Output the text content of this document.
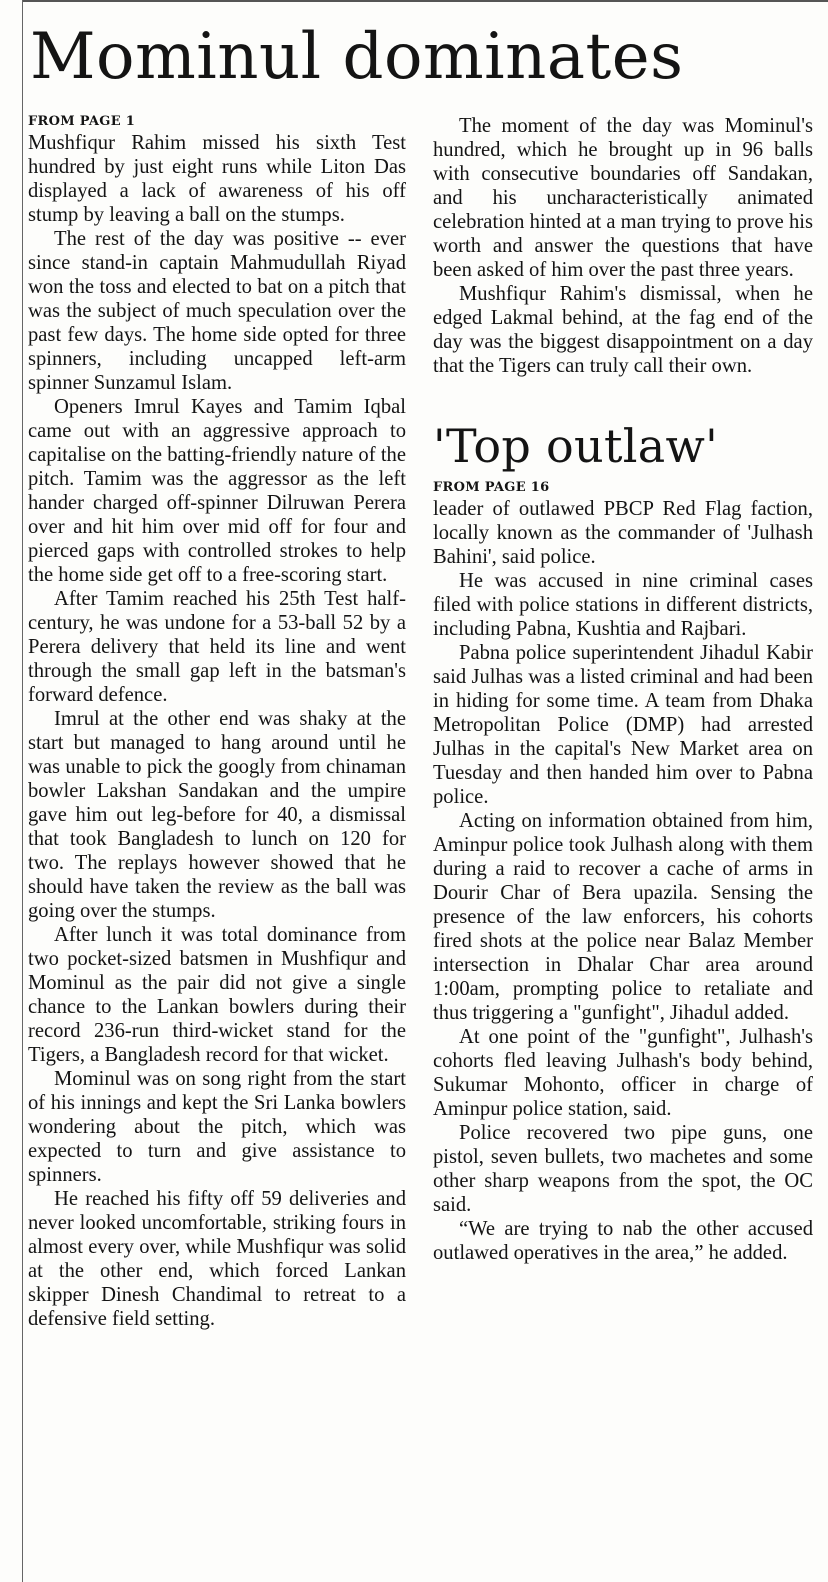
Mominul dominates
FROM PAGE 1

Mushfiqur Rahim missed his sixth Test hundred by just eight runs while Liton Das displayed a lack of awareness of his off stump by leaving a ball on the stumps.

The rest of the day was positive -- ever since stand-in captain Mahmudullah Riyad won the toss and elected to bat on a pitch that was the subject of much speculation over the past few days. The home side opted for three spinners, including uncapped left-arm spinner Sunzamul Islam.

Openers Imrul Kayes and Tamim Iqbal came out with an aggressive approach to capitalise on the batting-friendly nature of the pitch. Tamim was the aggressor as the left hander charged off-spinner Dilruwan Perera over and hit him over mid off for four and pierced gaps with controlled strokes to help the home side get off to a free-scoring start.

After Tamim reached his 25th Test half-century, he was undone for a 53-ball 52 by a Perera delivery that held its line and went through the small gap left in the batsman's forward defence.

Imrul at the other end was shaky at the start but managed to hang around until he was unable to pick the googly from chinaman bowler Lakshan Sandakan and the umpire gave him out leg-before for 40, a dismissal that took Bangladesh to lunch on 120 for two. The replays however showed that he should have taken the review as the ball was going over the stumps.

After lunch it was total dominance from two pocket-sized batsmen in Mushfiqur and Mominul as the pair did not give a single chance to the Lankan bowlers during their record 236-run third-wicket stand for the Tigers, a Bangladesh record for that wicket.

Mominul was on song right from the start of his innings and kept the Sri Lanka bowlers wondering about the pitch, which was expected to turn and give assistance to spinners.

He reached his fifty off 59 deliveries and never looked uncomfortable, striking fours in almost every over, while Mushfiqur was solid at the other end, which forced Lankan skipper Dinesh Chandimal to retreat to a defensive field setting.

The moment of the day was Mominul's hundred, which he brought up in 96 balls with consecutive boundaries off Sandakan, and his uncharacteristically animated celebration hinted at a man trying to prove his worth and answer the questions that have been asked of him over the past three years.

Mushfiqur Rahim's dismissal, when he edged Lakmal behind, at the fag end of the day was the biggest disappointment on a day that the Tigers can truly call their own.

'Top outlaw'
FROM PAGE 16

leader of outlawed PBCP Red Flag faction, locally known as the commander of 'Julhash Bahini', said police.

He was accused in nine criminal cases filed with police stations in different districts, including Pabna, Kushtia and Rajbari.

Pabna police superintendent Jihadul Kabir said Julhas was a listed criminal and had been in hiding for some time. A team from Dhaka Metropolitan Police (DMP) had arrested Julhas in the capital's New Market area on Tuesday and then handed him over to Pabna police.

Acting on information obtained from him, Aminpur police took Julhash along with them during a raid to recover a cache of arms in Dourir Char of Bera upazila. Sensing the presence of the law enforcers, his cohorts fired shots at the police near Balaz Member intersection in Dhalar Char area around 1:00am, prompting police to retaliate and thus triggering a "gunfight", Jihadul added.

At one point of the "gunfight", Julhash's cohorts fled leaving Julhash's body behind, Sukumar Mohonto, officer in charge of Aminpur police station, said.

Police recovered two pipe guns, one pistol, seven bullets, two machetes and some other sharp weapons from the spot, the OC said.

“We are trying to nab the other accused outlawed operatives in the area,” he added.
